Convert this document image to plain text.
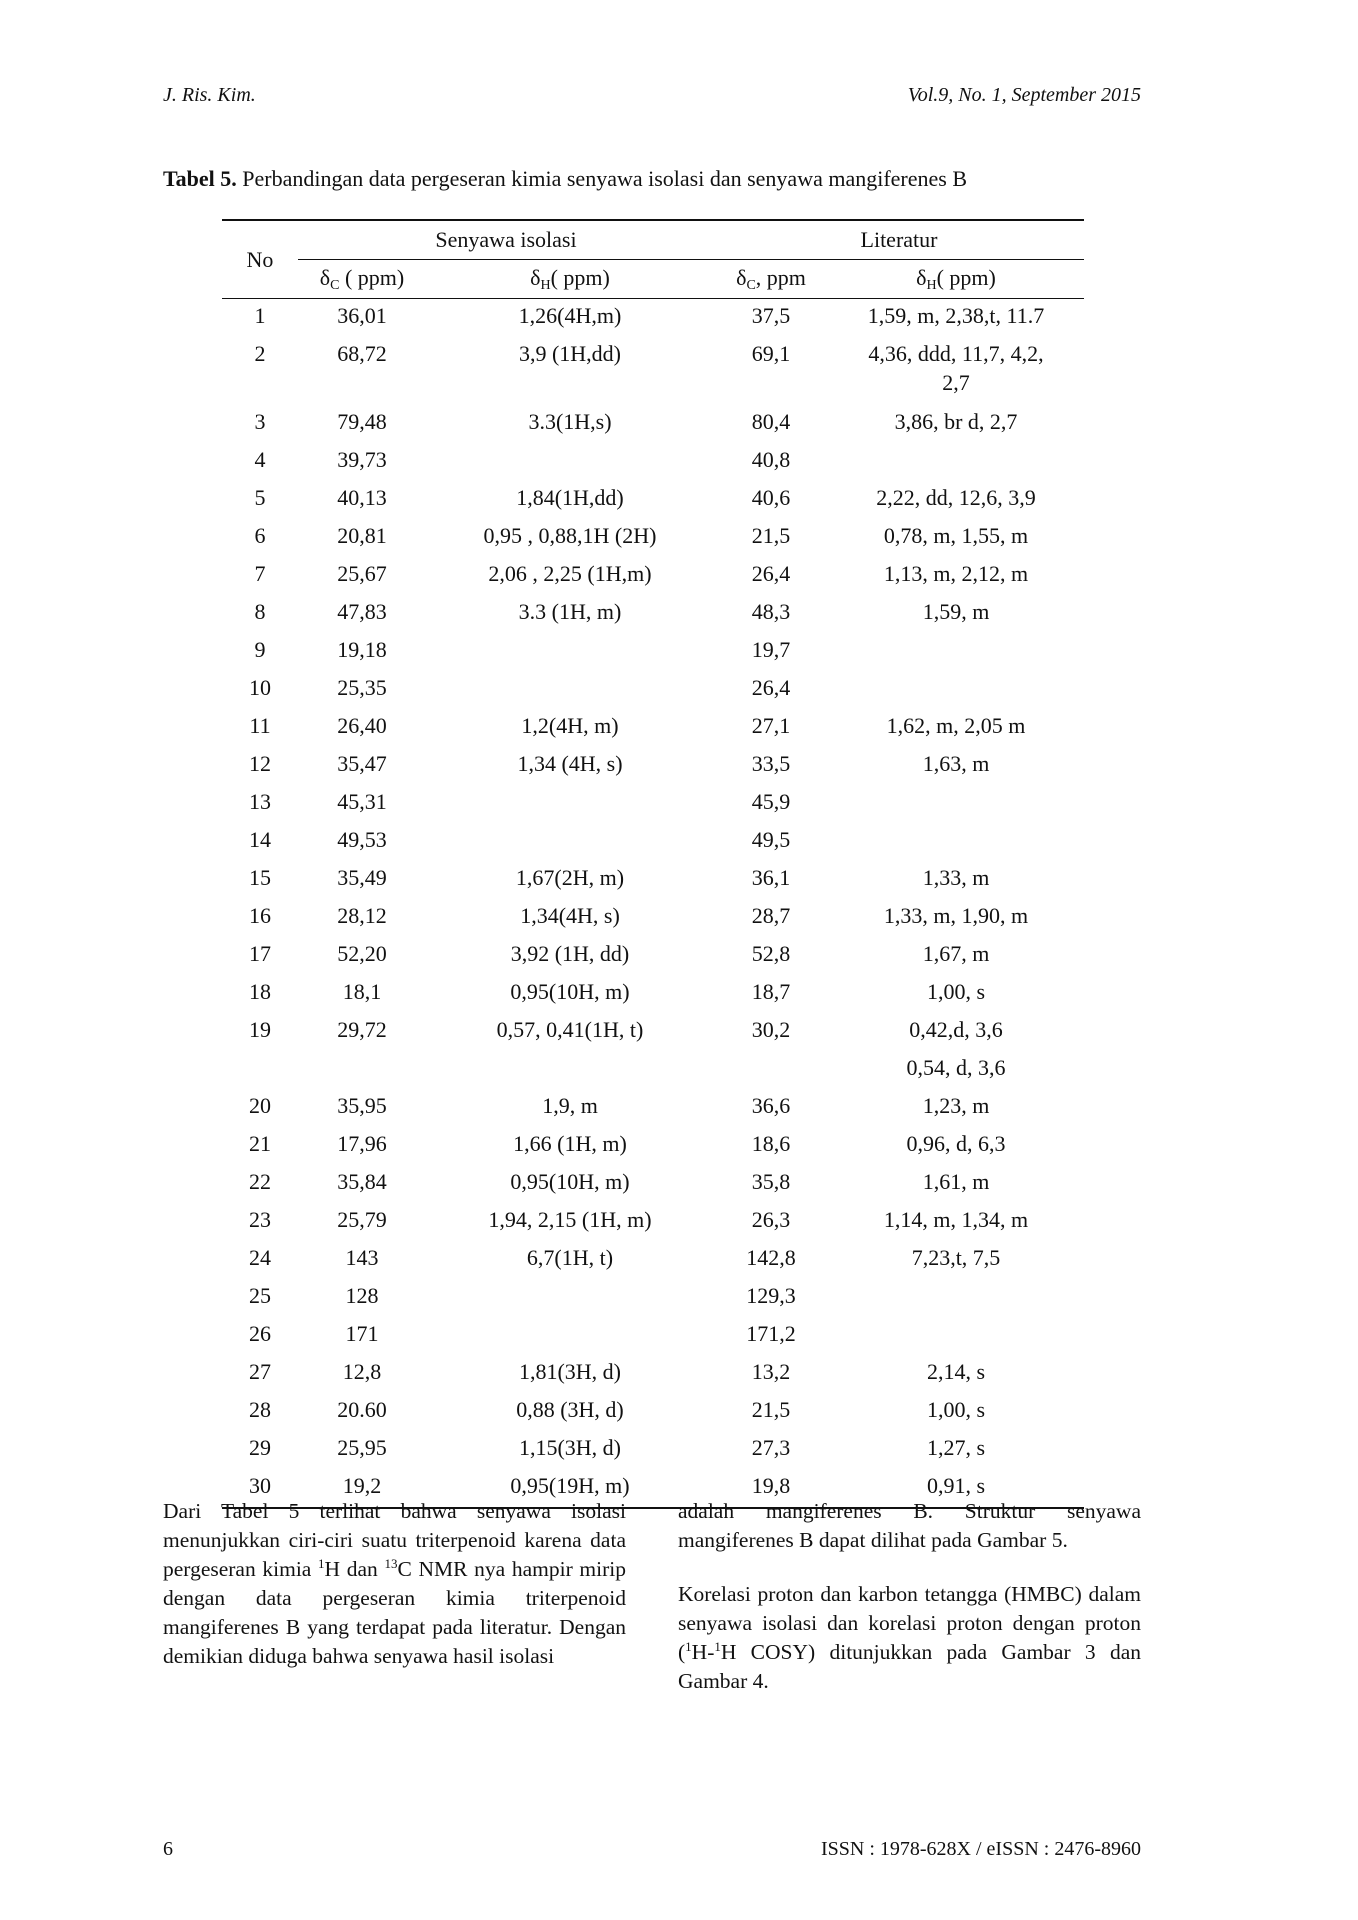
J. Ris. Kim.	Vol.9, No. 1, September 2015
Tabel 5. Perbandingan data pergeseran kimia senyawa isolasi dan senyawa mangiferenes B
No	Senyawa isolasi		Literatur	
	$\delta_C$ ( ppm)	$\delta_H$( ppm)	$\delta_C$, ppm	$\delta_H$( ppm)
1	36,01	1,26(4H,m)	37,5	1,59, m, 2,38,t, 11.7
2	68,72	3,9 (1H,dd)	69,1	4,36, ddd, 11,7, 4,2, 2,7
3	79,48	3.3(1H,s)	80,4	3,86, br d, 2,7
4	39,73		40,8	
5	40,13	1,84(1H,dd)	40,6	2,22, dd, 12,6, 3,9
6	20,81	0,95 , 0,88,1H (2H)	21,5	0,78, m, 1,55, m
7	25,67	2,06 , 2,25 (1H,m)	26,4	1,13, m, 2,12, m
8	47,83	3.3 (1H, m)	48,3	1,59, m
9	19,18		19,7	
10	25,35		26,4	
11	26,40	1,2(4H, m)	27,1	1,62, m, 2,05 m
12	35,47	1,34 (4H, s)	33,5	1,63, m
13	45,31		45,9	
14	49,53		49,5	
15	35,49	1,67(2H, m)	36,1	1,33, m
16	28,12	1,34(4H, s)	28,7	1,33, m, 1,90, m
17	52,20	3,92 (1H, dd)	52,8	1,67, m
18	18,1	0,95(10H, m)	18,7	1,00, s
19	29,72	0,57, 0,41(1H, t)	30,2	0,42,d, 3,6
				0,54, d, 3,6
20	35,95	1,9, m	36,6	1,23, m
21	17,96	1,66 (1H, m)	18,6	0,96, d, 6,3
22	35,84	0,95(10H, m)	35,8	1,61, m
23	25,79	1,94, 2,15 (1H, m)	26,3	1,14, m, 1,34, m
24	143	6,7(1H, t)	142,8	7,23,t, 7,5
25	128		129,3	
26	171		171,2	
27	12,8	1,81(3H, d)	13,2	2,14, s
28	20.60	0,88 (3H, d)	21,5	1,00, s
29	25,95	1,15(3H, d)	27,3	1,27, s
30	19,2	0,95(19H, m)	19,8	0,91, s

Dari Tabel 5 terlihat bahwa senyawa isolasi menunjukkan ciri-ciri suatu triterpenoid karena data pergeseran kimia $^1$H dan $^{13}$C NMR nya hampir mirip dengan data pergeseran kimia triterpenoid mangiferenes B yang terdapat pada literatur. Dengan demikian diduga bahwa senyawa hasil isolasi

adalah mangiferenes B. Struktur senyawa mangiferenes B dapat dilihat pada Gambar 5.

Korelasi proton dan karbon tetangga (HMBC) dalam senyawa isolasi dan korelasi proton dengan proton ($^1$H-$^1$H COSY) ditunjukkan pada Gambar 3 dan Gambar 4.

6	ISSN : 1978-628X / eISSN : 2476-8960
